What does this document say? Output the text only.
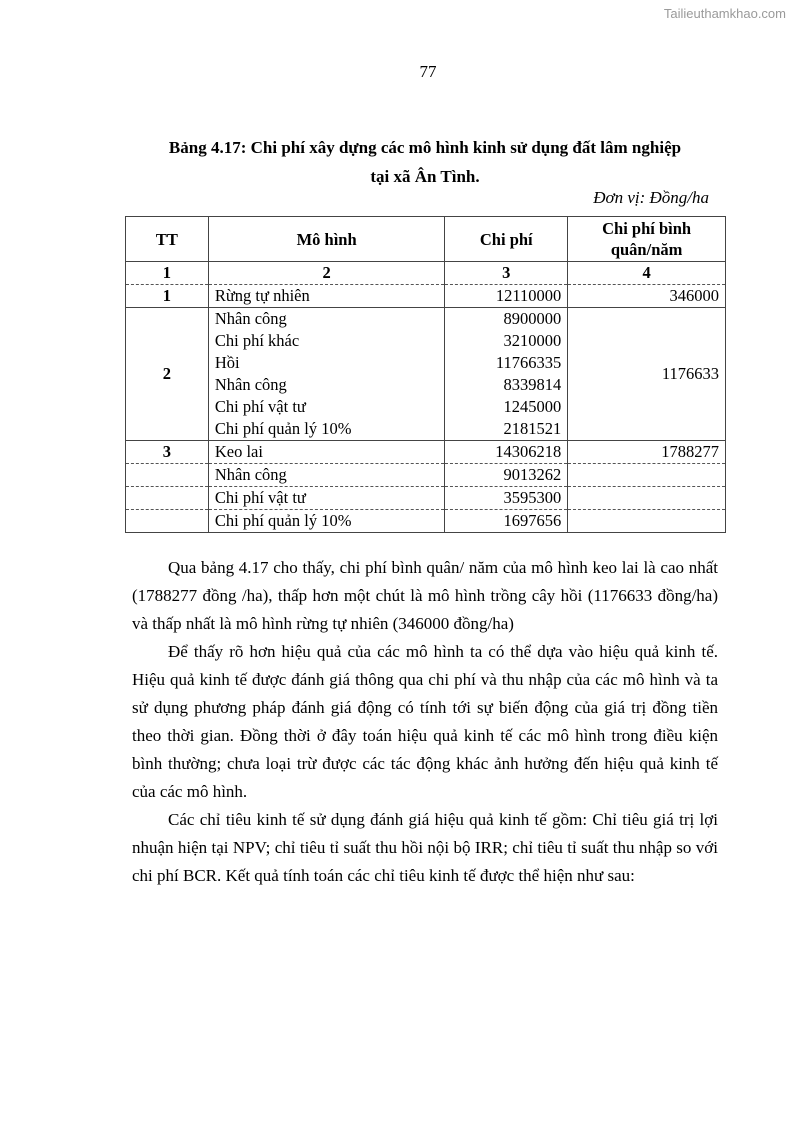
Tailieuthamkhao.com
77
Bảng 4.17: Chi phí xây dựng các mô hình kinh sử dụng đất lâm nghiệp
tại xã Ân Tình.
Đơn vị: Đồng/ha
TT	Mô hình	Chi phí	Chi phí bình quân/năm
1	2	3	4
1	Rừng tự nhiên	12110000	346000
2	Nhân công	8900000	1176633
	Chi phí khác	3210000	
	Hồi	11766335	
	Nhân công	8339814	
	Chi phí vật tư	1245000	
	Chi phí quản lý 10%	2181521	
3	Keo lai	14306218	1788277
	Nhân công	9013262	
	Chi phí vật tư	3595300	
	Chi phí quản lý 10%	1697656	

Qua bảng 4.17 cho thấy, chi phí bình quân/ năm của mô hình keo lai là cao nhất (1788277 đồng /ha), thấp hơn một chút là mô hình trồng cây hồi (1176633 đồng/ha) và thấp nhất là mô hình rừng tự nhiên (346000 đồng/ha)

Để thấy rõ hơn hiệu quả của các mô hình ta có thể dựa vào hiệu quả kinh tế. Hiệu quả kinh tế được đánh giá thông qua chi phí và thu nhập của các mô hình và ta sử dụng phương pháp đánh giá động có tính tới sự biến động của giá trị đồng tiền theo thời gian. Đồng thời ở đây toán hiệu quả kinh tế các mô hình trong điều kiện bình thường; chưa loại trừ được các tác động khác ảnh hưởng đến hiệu quả kinh tế của các mô hình.

Các chỉ tiêu kinh tế sử dụng đánh giá hiệu quả kinh tế gồm: Chỉ tiêu giá trị lợi nhuận hiện tại NPV; chỉ tiêu tỉ suất thu hồi nội bộ IRR; chỉ tiêu tỉ suất thu nhập so với chi phí BCR. Kết quả tính toán các chỉ tiêu kinh tế được thể hiện như sau:
